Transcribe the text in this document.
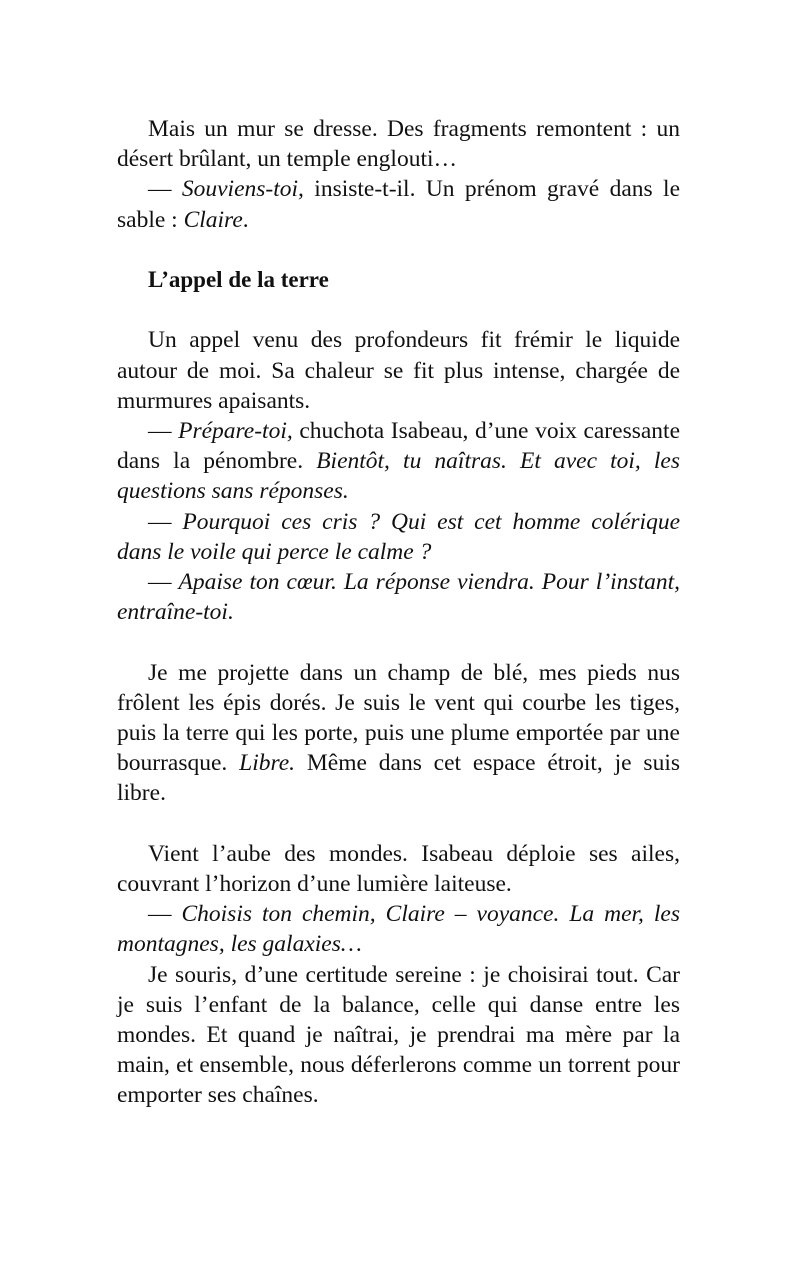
Mais un mur se dresse. Des fragments remontent : un désert brûlant, un temple englouti…

— Souviens-toi, insiste-t-il. Un prénom gravé dans le sable : Claire.

L’appel de la terre

Un appel venu des profondeurs fit frémir le liquide autour de moi. Sa chaleur se fit plus intense, chargée de murmures apaisants.

— Prépare-toi, chuchota Isabeau, d’une voix caressante dans la pénombre. Bientôt, tu naîtras. Et avec toi, les questions sans réponses.

— Pourquoi ces cris ? Qui est cet homme colérique dans le voile qui perce le calme ?

— Apaise ton cœur. La réponse viendra. Pour l’instant, entraîne-toi.

Je me projette dans un champ de blé, mes pieds nus frôlent les épis dorés. Je suis le vent qui courbe les tiges, puis la terre qui les porte, puis une plume emportée par une bourrasque. Libre. Même dans cet espace étroit, je suis libre.

Vient l’aube des mondes. Isabeau déploie ses ailes, couvrant l’horizon d’une lumière laiteuse.

— Choisis ton chemin, Claire – voyance. La mer, les montagnes, les galaxies…

Je souris, d’une certitude sereine : je choisirai tout. Car je suis l’enfant de la balance, celle qui danse entre les mondes. Et quand je naîtrai, je prendrai ma mère par la main, et ensemble, nous déferlerons comme un torrent pour emporter ses chaînes.
